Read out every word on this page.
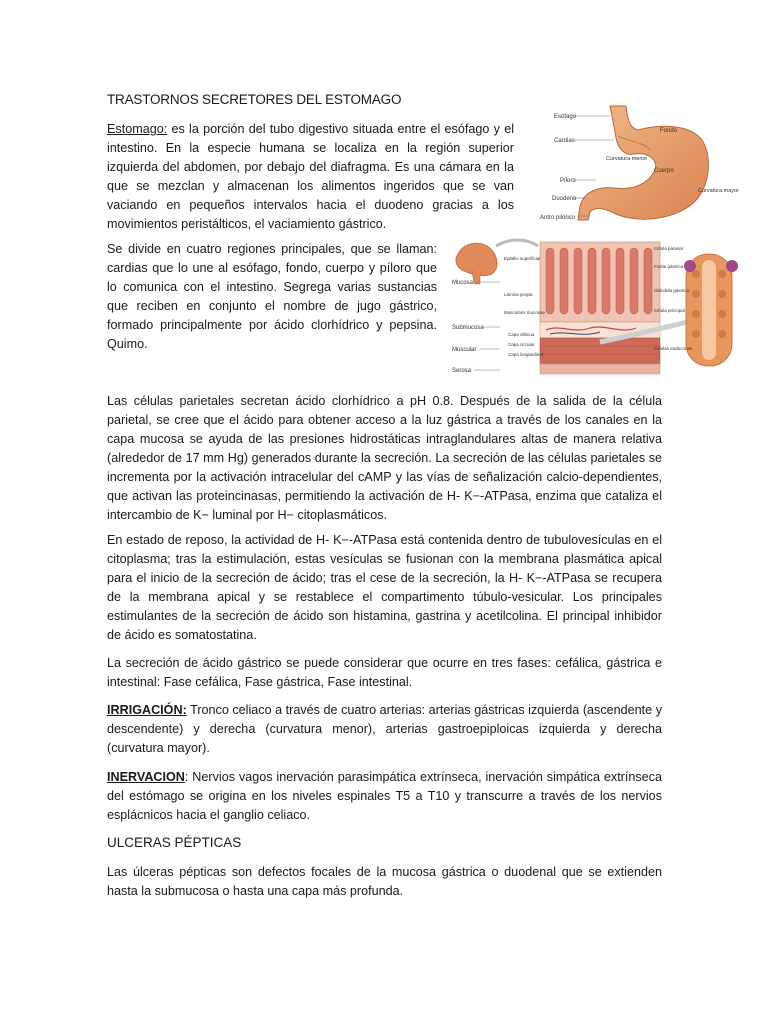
TRASTORNOS SECRETORES DEL ESTOMAGO

Estomago: es la porción del tubo digestivo situada entre el esófago y el intestino. En la especie humana se localiza en la región superior izquierda del abdomen, por debajo del diafragma. Es una cámara en la que se mezclan y almacenan los alimentos ingeridos que se van vaciando en pequeños intervalos hacia el duodeno gracias a los movimientos peristálticos, el vaciamiento gástrico.

Se divide en cuatro regiones principales, que se llaman: cardias que lo une al esófago, fondo, cuerpo y píloro que lo comunica con el intestino. Segrega varias sustancias que reciben en conjunto el nombre de jugo gástrico, formado principalmente por ácido clorhídrico y pepsina. Quimo.

Esófago
Cardias
Curvatura menor
Píloro
Duodeno
Antro pilórico
Fondo
Cuerpo
Curvatura mayor
Mucosa
Submucosa
Muscular
Serosa
Epitelio superficial
Lámina propia
Muscularis mucosae
Capa oblicua
Capa circular
Capa longitudinal
Célula parietal
Fosita gástrica
Glándula gástrica
Célula principal
Células endocrinas

Las células parietales secretan ácido clorhídrico a pH 0.8. Después de la salida de la célula parietal, se cree que el ácido para obtener acceso a la luz gástrica a través de los canales en la capa mucosa se ayuda de las presiones hidrostáticas intraglandulares altas de manera relativa (alrededor de 17 mm Hg) generados durante la secreción. La secreción de las células parietales se incrementa por la activación intracelular del cAMP y las vías de señalización calcio-dependientes, que activan las proteincinasas, permitiendo la activación de H- K−-ATPasa, enzima que cataliza el intercambio de K− luminal por H− citoplasmáticos.

En estado de reposo, la actividad de H- K−-ATPasa está contenida dentro de tubulovesículas en el citoplasma; tras la estimulación, estas vesículas se fusionan con la membrana plasmática apical para el inicio de la secreción de ácido; tras el cese de la secreción, la H- K−-ATPasa se recupera de la membrana apical y se restablece el compartimento túbulo-vesicular. Los principales estimulantes de la secreción de ácido son histamina, gastrina y acetilcolina. El principal inhibidor de ácido es somatostatina.

La secreción de ácido gástrico se puede considerar que ocurre en tres fases: cefálica, gástrica e intestinal: Fase cefálica, Fase gástrica, Fase intestinal.

IRRIGACIÓN: Tronco celiaco a través de cuatro arterias: arterias gástricas izquierda (ascendente y descendente) y derecha (curvatura menor), arterias gastroepiploicas izquierda y derecha (curvatura mayor).

INERVACION: Nervios vagos inervación parasimpática extrínseca, inervación simpática extrínseca del estómago se origina en los niveles espinales T5 a T10 y transcurre a través de los nervios esplácnicos hacia el ganglio celiaco.

ULCERAS PÉPTICAS

Las úlceras pépticas son defectos focales de la mucosa gástrica o duodenal que se extienden hasta la submucosa o hasta una capa más profunda.
